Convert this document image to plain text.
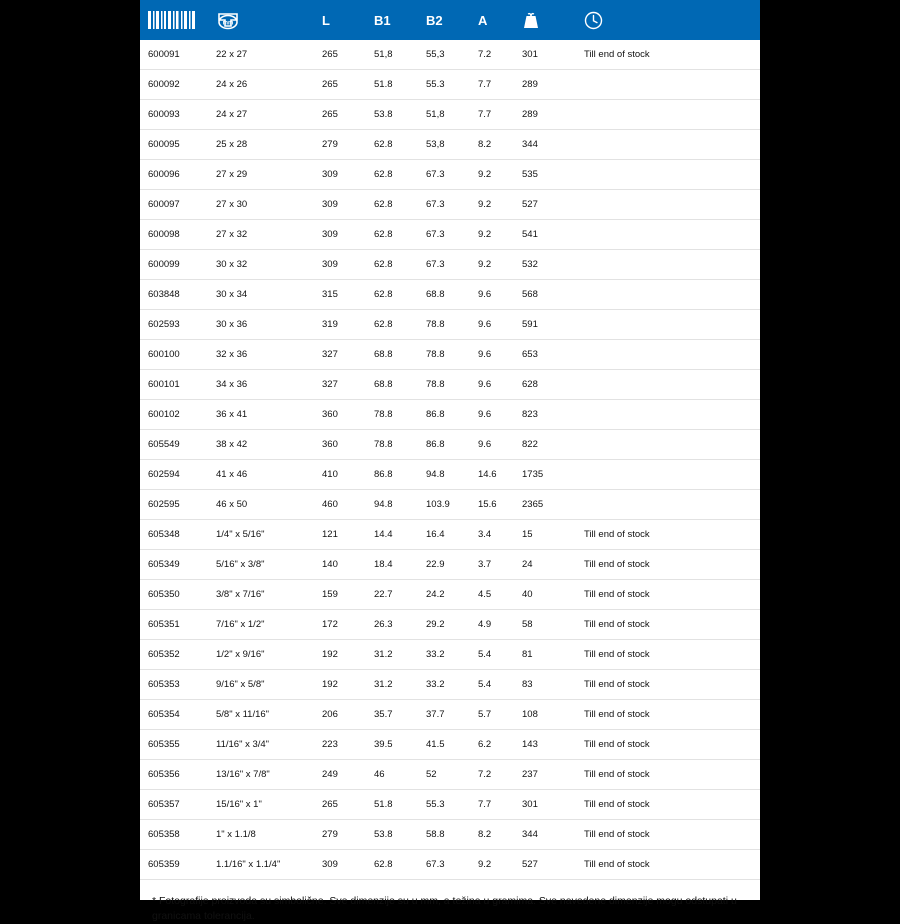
mm	L	B1	B2	A	

600091	22 x 27	265	51,8	55,3	7.2	301	Till end of stock
600092	24 x 26	265	51.8	55.3	7.7	289	
600093	24 x 27	265	53.8	51,8	7.7	289	
600095	25 x 28	279	62.8	53,8	8.2	344	
600096	27 x 29	309	62.8	67.3	9.2	535	
600097	27 x 30	309	62.8	67.3	9.2	527	
600098	27 x 32	309	62.8	67.3	9.2	541	
600099	30 x 32	309	62.8	67.3	9.2	532	
603848	30 x 34	315	62.8	68.8	9.6	568	
602593	30 x 36	319	62.8	78.8	9.6	591	
600100	32 x 36	327	68.8	78.8	9.6	653	
600101	34 x 36	327	68.8	78.8	9.6	628	
600102	36 x 41	360	78.8	86.8	9.6	823	
605549	38 x 42	360	78.8	86.8	9.6	822	
602594	41 x 46	410	86.8	94.8	14.6	1735	
602595	46 x 50	460	94.8	103.9	15.6	2365	
605348	1/4" x 5/16"	121	14.4	16.4	3.4	15	Till end of stock
605349	5/16" x 3/8"	140	18.4	22.9	3.7	24	Till end of stock
605350	3/8" x 7/16"	159	22.7	24.2	4.5	40	Till end of stock
605351	7/16" x 1/2"	172	26.3	29.2	4.9	58	Till end of stock
605352	1/2" x 9/16"	192	31.2	33.2	5.4	81	Till end of stock
605353	9/16" x 5/8"	192	31.2	33.2	5.4	83	Till end of stock
605354	5/8" x 11/16"	206	35.7	37.7	5.7	108	Till end of stock
605355	11/16" x 3/4"	223	39.5	41.5	6.2	143	Till end of stock
605356	13/16" x 7/8"	249	46	52	7.2	237	Till end of stock
605357	15/16" x 1"	265	51.8	55.3	7.7	301	Till end of stock
605358	1" x 1.1/8	279	53.8	58.8	8.2	344	Till end of stock
605359	1.1/16" x 1.1/4"	309	62.8	67.3	9.2	527	Till end of stock
* Fotografije proizvoda su simbolične. Sve dimenzije su u mm, a težina u gramima. Sve navedene dimenzije mogu odstupati u granicama tolerancija.
